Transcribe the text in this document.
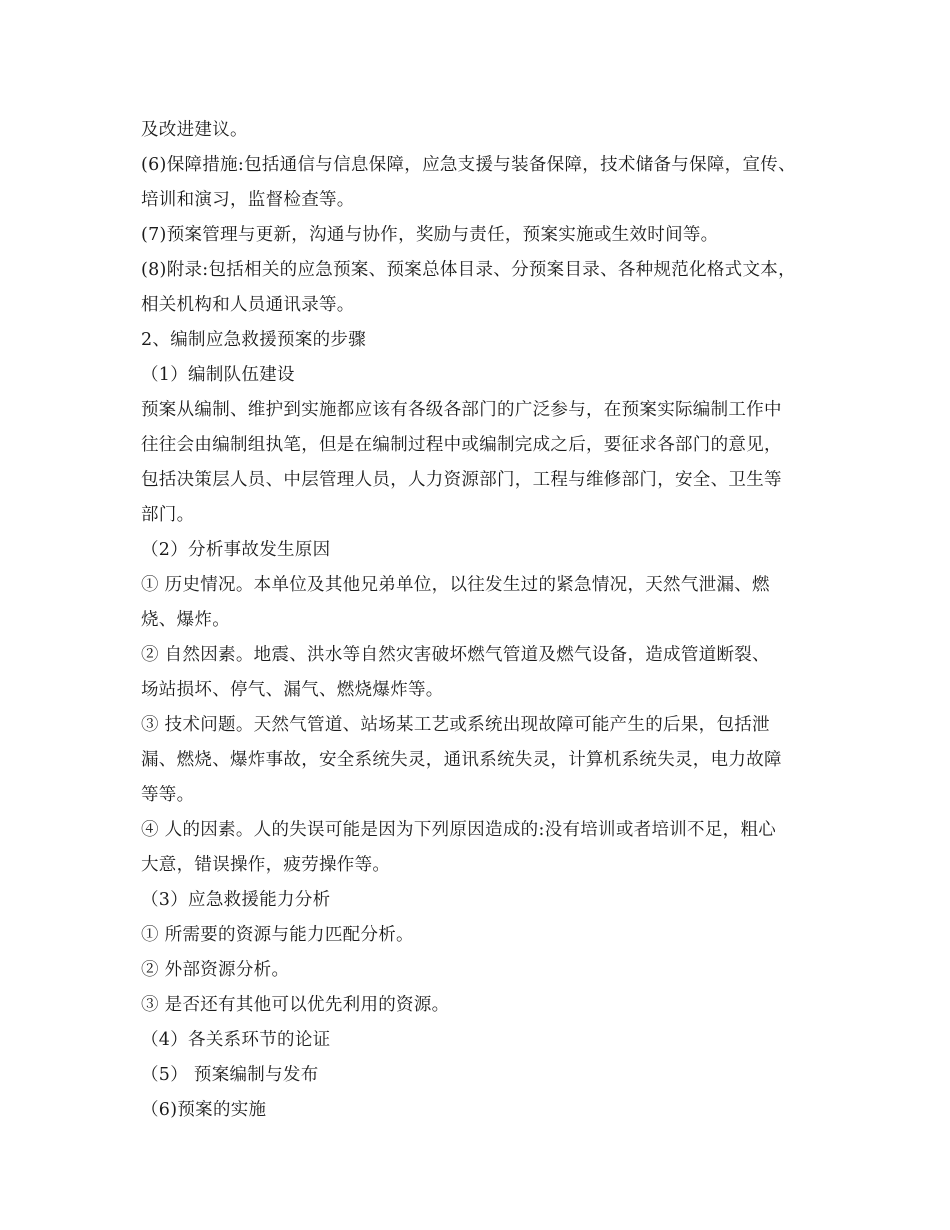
及改进建议。
(6)保障措施:包括通信与信息保障，应急支援与装备保障，技术储备与保障，宣传、
培训和演习，监督检查等。
(7)预案管理与更新，沟通与协作，奖励与责任，预案实施或生效时间等。
(8)附录:包括相关的应急预案、预案总体目录、分预案目录、各种规范化格式文本，
相关机构和人员通讯录等。
2、编制应急救援预案的步骤
（1）编制队伍建设
预案从编制、维护到实施都应该有各级各部门的广泛参与，在预案实际编制工作中
往往会由编制组执笔，但是在编制过程中或编制完成之后，要征求各部门的意见，
包括决策层人员、中层管理人员，人力资源部门，工程与维修部门，安全、卫生等
部门。
（2）分析事故发生原因
① 历史情况。本单位及其他兄弟单位，以往发生过的紧急情况，天然气泄漏、燃
烧、爆炸。
② 自然因素。地震、洪水等自然灾害破坏燃气管道及燃气设备，造成管道断裂、
场站损坏、停气、漏气、燃烧爆炸等。
③ 技术问题。天然气管道、站场某工艺或系统出现故障可能产生的后果，包括泄
漏、燃烧、爆炸事故，安全系统失灵，通讯系统失灵，计算机系统失灵，电力故障
等等。
④ 人的因素。人的失误可能是因为下列原因造成的:没有培训或者培训不足，粗心
大意，错误操作，疲劳操作等。
（3）应急救援能力分析
① 所需要的资源与能力匹配分析。
② 外部资源分析。
③ 是否还有其他可以优先利用的资源。
（4）各关系环节的论证
（5） 预案编制与发布
（6)预案的实施
